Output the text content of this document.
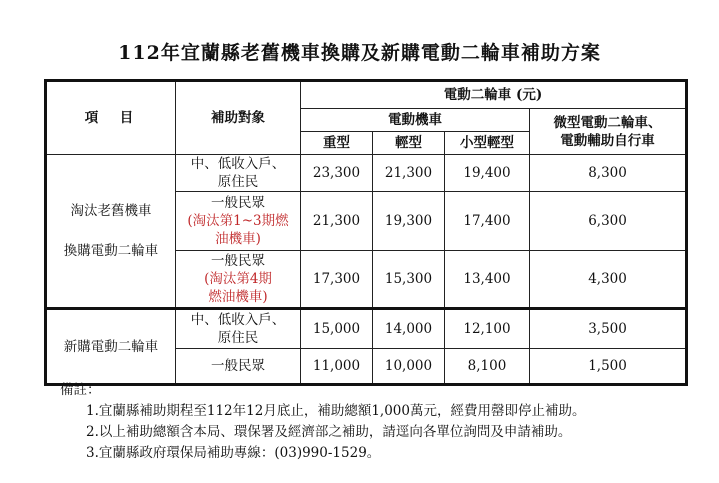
112年宜蘭縣老舊機車換購及新購電動二輪車補助方案
項　目	補助對象	電動二輪車 (元)			
		電動機車			微型電動二輪車、
電動輔助自行車

		重型	輕型	小型輕型	

淘汰老舊機車
換購電動二輪車	中、低收入戶、
原住民	23,300	21,300	19,400	8,300

	一般民眾
(淘汰第1~3期燃
油機車)	21,300	19,300	17,400	6,300

	一般民眾
(淘汰第4期
燃油機車)	17,300	15,300	13,400	4,300
新購電動二輪車	中、低收入戶、
原住民	15,000	14,000	12,100	3,500

	一般民眾	11,000	10,000	8,100	1,500
備註：
1.宜蘭縣補助期程至112年12月底止，補助總額1,000萬元，經費用罄即停止補助。
2.以上補助總額含本局、環保署及經濟部之補助，請逕向各單位詢問及申請補助。
3.宜蘭縣政府環保局補助專線：(03)990-1529。
